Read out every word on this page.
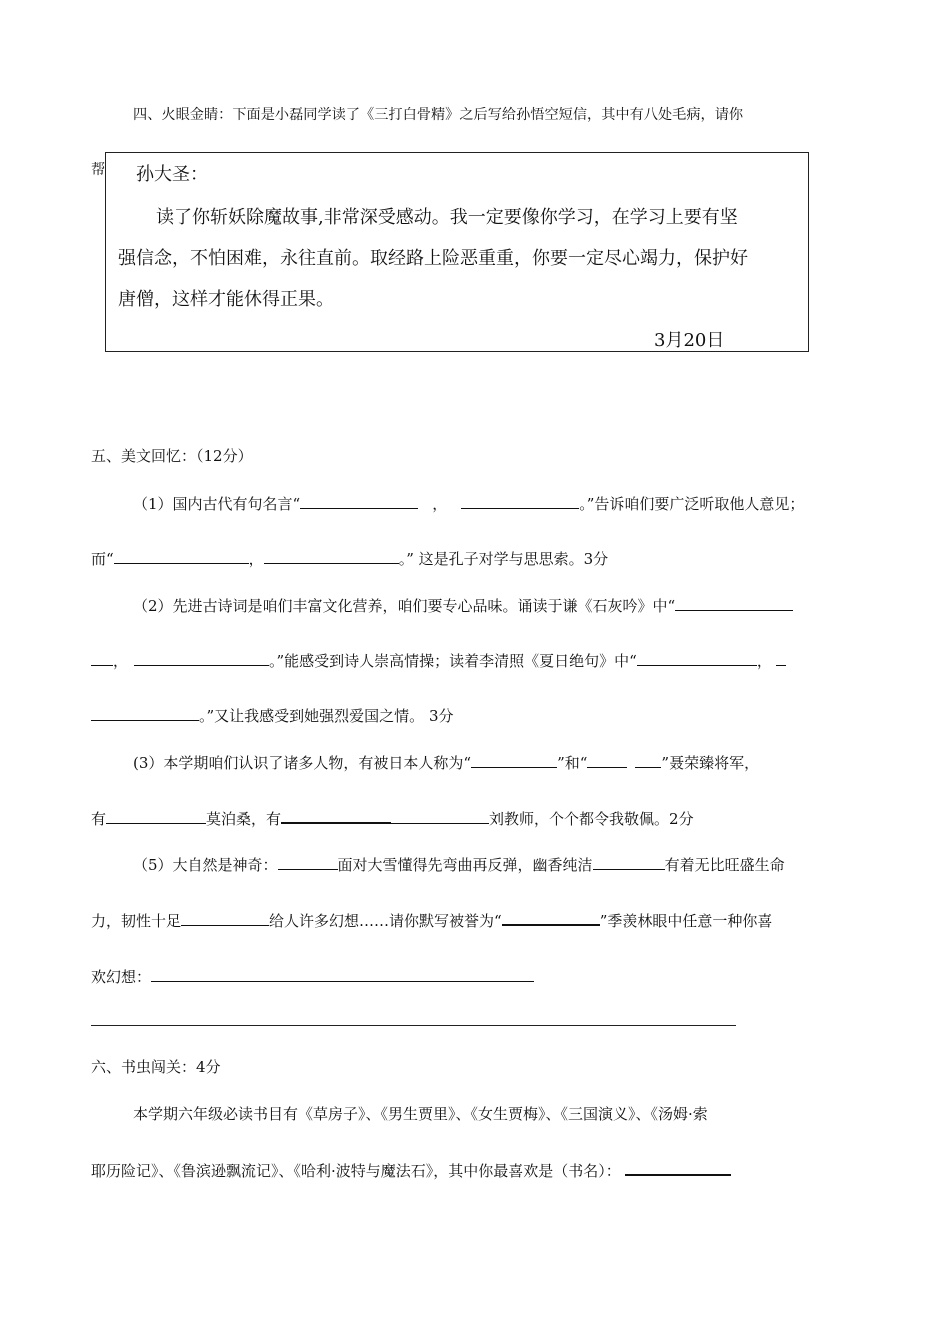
四、火眼金睛：下面是小磊同学读了《三打白骨精》之后写给孙悟空短信，其中有八处毛病，请你
帮 孙大圣：
读了你斩妖除魔故事,非常深受感动。我一定要像你学习，在学习上要有坚
强信念，不怕困难，永往直前。取经路上险恶重重，你要一定尽心竭力，保护好
唐僧，这样才能休得正果。
3月20日
五、美文回忆：（12分）
（1）国内古代有句名言“	，	。”告诉咱们要广泛听取他人意见；
而“	，	。” 这是孔子对学与思思索。3分
（2）先进古诗词是咱们丰富文化营养，咱们要专心品味。诵读于谦《石灰吟》中“
，	。”能感受到诗人崇高情操；读着李清照《夏日绝句》中“	，
。”又让我感受到她强烈爱国之情。 3分
(3）本学期咱们认识了诸多人物，有被日本人称为“	”和“	”聂荣臻将军，
有	莫泊桑，有	刘教师，个个都令我敬佩。2分
（5）大自然是神奇：	面对大雪懂得先弯曲再反弹，幽香纯洁	有着无比旺盛生命
力，韧性十足	给人许多幻想……请你默写被誉为“	”季羡林眼中任意一种你喜
欢幻想：
六、书虫闯关：4分
本学期六年级必读书目有《草房子》、《男生贾里》、《女生贾梅》、《三国演义》、《汤姆·索
耶历险记》、《鲁滨逊飘流记》、《哈利·波特与魔法石》，其中你最喜欢是（书名）：
